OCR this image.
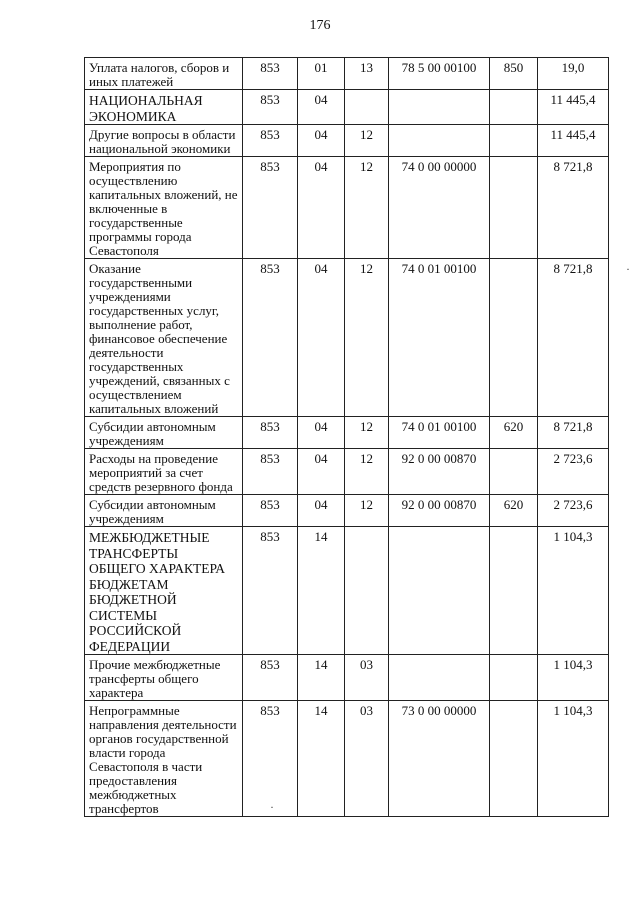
176
Уплата налогов, сборов и иных платежей	853	01	13	78 5 00 00100	850	19,0
НАЦИОНАЛЬНАЯ ЭКОНОМИКА	853	04				11 445,4
Другие вопросы в области национальной экономики	853	04	12			11 445,4
Мероприятия по осуществлению капитальных вложений, не включенные в государственные программы города Севастополя	853	04	12	74 0 00 00000		8 721,8
Оказание государственными учреждениями государственных услуг, выполнение работ, финансовое обеспечение деятельности государственных учреждений, связанных с осуществлением капитальных вложений	853	04	12	74 0 01 00100		8 721,8
Субсидии автономным учреждениям	853	04	12	74 0 01 00100	620	8 721,8
Расходы на проведение мероприятий за счет средств резервного фонда	853	04	12	92 0 00 00870		2 723,6
Субсидии автономным учреждениям	853	04	12	92 0 00 00870	620	2 723,6
МЕЖБЮДЖЕТНЫЕ ТРАНСФЕРТЫ ОБЩЕГО ХАРАКТЕРА БЮДЖЕТАМ БЮДЖЕТНОЙ СИСТЕМЫ РОССИЙСКОЙ ФЕДЕРАЦИИ	853	14				1 104,3
Прочие межбюджетные трансферты общего характера	853	14	03			1 104,3
Непрограммные направления деятельности органов государственной власти города Севастополя в части предоставления межбюджетных трансфертов	853	14	03	73 0 00 00000		1 104,3
·
·
